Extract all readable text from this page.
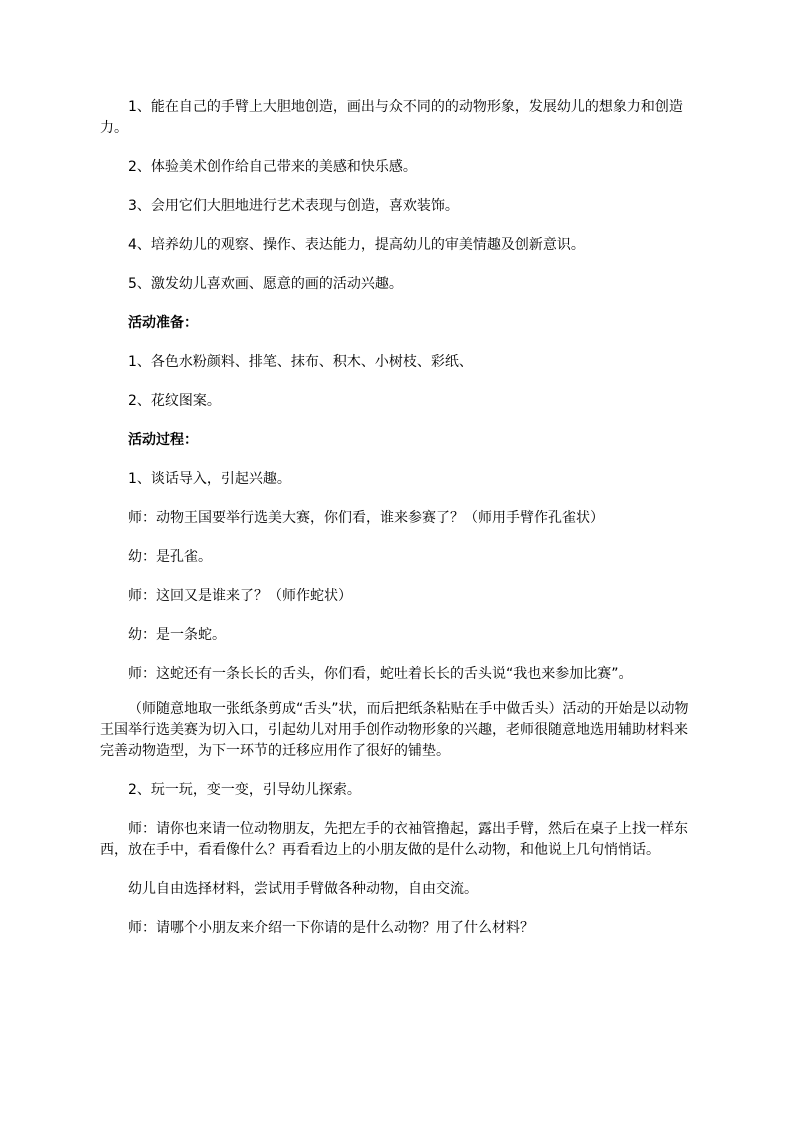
1、能在自己的手臂上大胆地创造，画出与众不同的的动物形象，发展幼儿的想象力和创造力。

2、体验美术创作给自己带来的美感和快乐感。

3、会用它们大胆地进行艺术表现与创造，喜欢装饰。

4、培养幼儿的观察、操作、表达能力，提高幼儿的审美情趣及创新意识。

5、激发幼儿喜欢画、愿意的画的活动兴趣。

活动准备：

1、各色水粉颜料、排笔、抹布、积木、小树枝、彩纸、

2、花纹图案。

活动过程：

1、谈话导入，引起兴趣。

师：动物王国要举行选美大赛，你们看，谁来参赛了？（师用手臂作孔雀状）

幼：是孔雀。

师：这回又是谁来了？（师作蛇状）

幼：是一条蛇。

师：这蛇还有一条长长的舌头，你们看，蛇吐着长长的舌头说“我也来参加比赛”。

（师随意地取一张纸条剪成“舌头”状，而后把纸条粘贴在手中做舌头）活动的开始是以动物王国举行选美赛为切入口，引起幼儿对用手创作动物形象的兴趣，老师很随意地选用辅助材料来完善动物造型，为下一环节的迁移应用作了很好的铺垫。

2、玩一玩，变一变，引导幼儿探索。

师：请你也来请一位动物朋友，先把左手的衣袖管撸起，露出手臂，然后在桌子上找一样东西，放在手中，看看像什么？再看看边上的小朋友做的是什么动物，和他说上几句悄悄话。

幼儿自由选择材料，尝试用手臂做各种动物，自由交流。

师：请哪个小朋友来介绍一下你请的是什么动物？用了什么材料？
